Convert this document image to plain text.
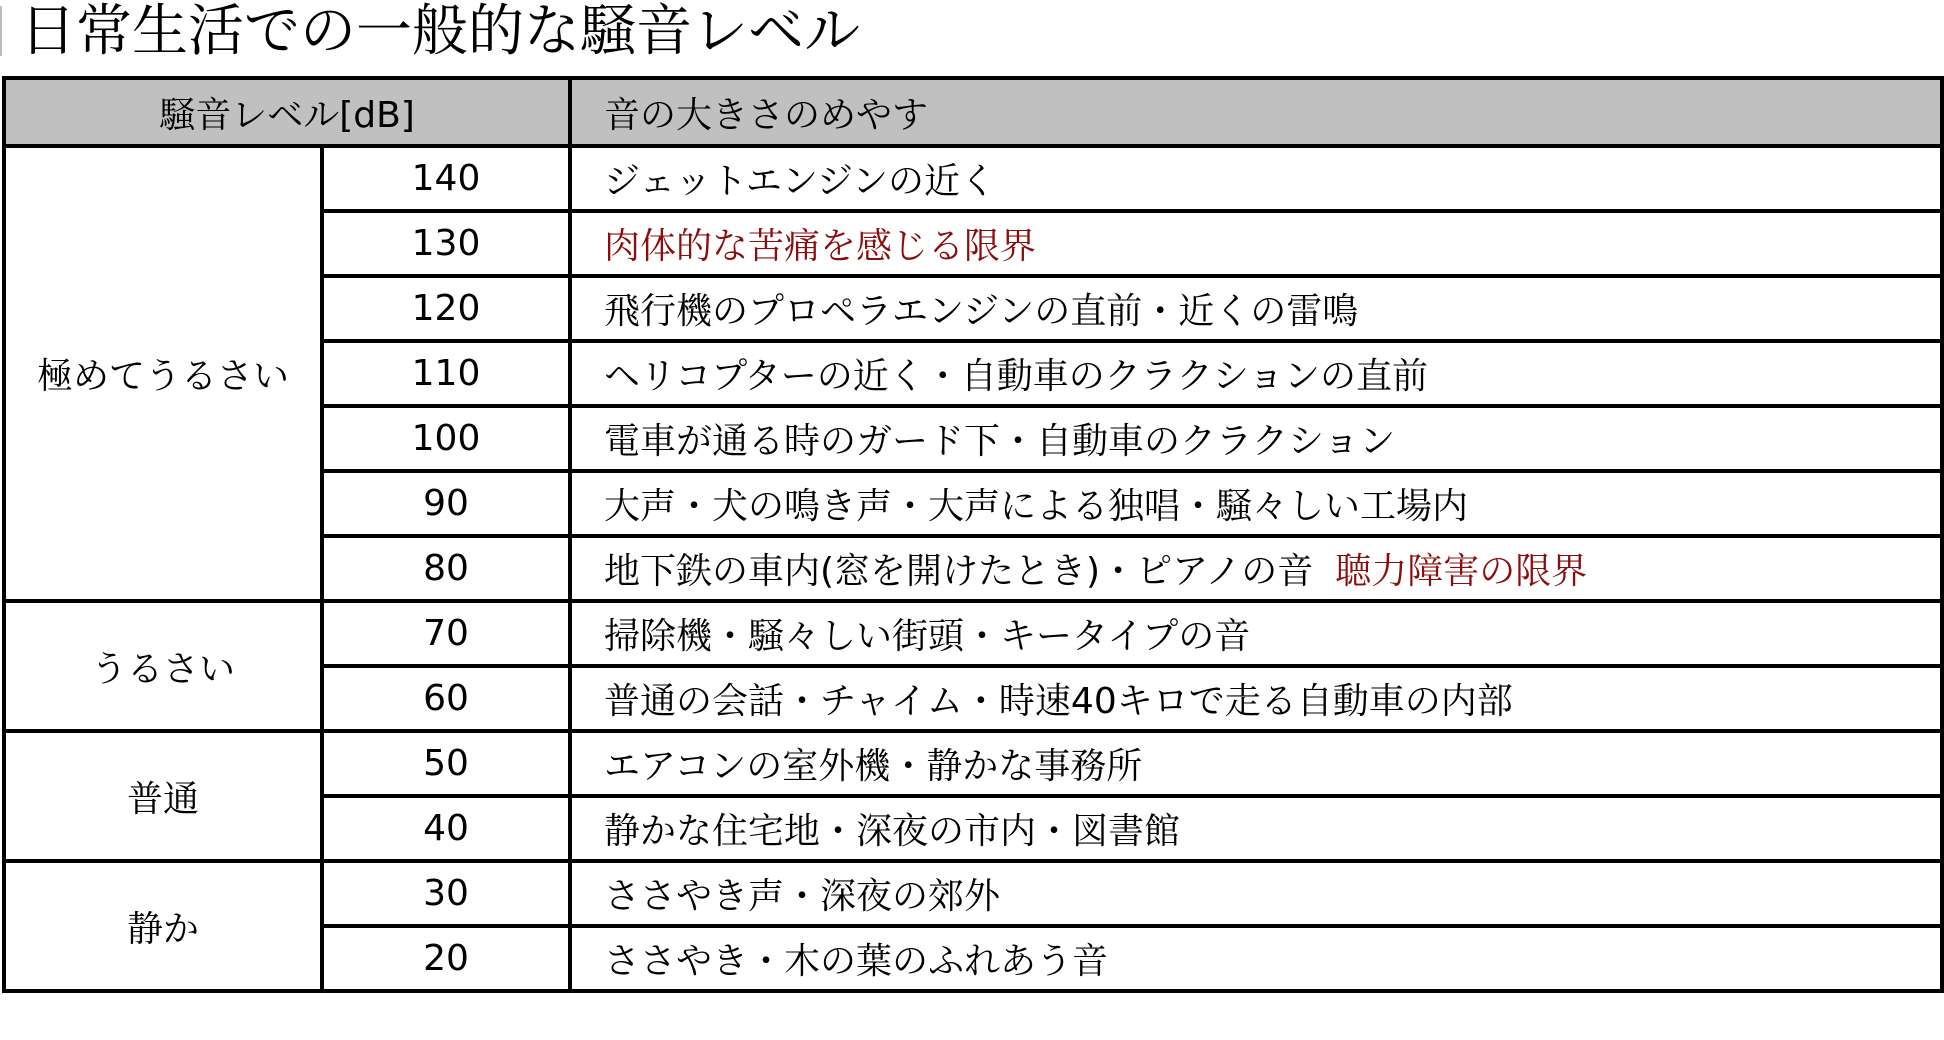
日常生活での一般的な騒音レベル
騒音レベル[dB]		音の大きさのめやす
極めてうるさい	140	ジェットエンジンの近く
	130	肉体的な苦痛を感じる限界
	120	飛行機のプロペラエンジンの直前・近くの雷鳴
	110	ヘリコプターの近く・自動車のクラクションの直前
	100	電車が通る時のガード下・自動車のクラクション
	90	大声・犬の鳴き声・大声による独唱・騒々しい工場内
	80	地下鉄の車内(窓を開けたとき)・ピアノの音 聴力障害の限界
うるさい	70	掃除機・騒々しい街頭・キータイプの音
	60	普通の会話・チャイム・時速40キロで走る自動車の内部
普通	50	エアコンの室外機・静かな事務所
	40	静かな住宅地・深夜の市内・図書館
静か	30	ささやき声・深夜の郊外
	20	ささやき・木の葉のふれあう音
